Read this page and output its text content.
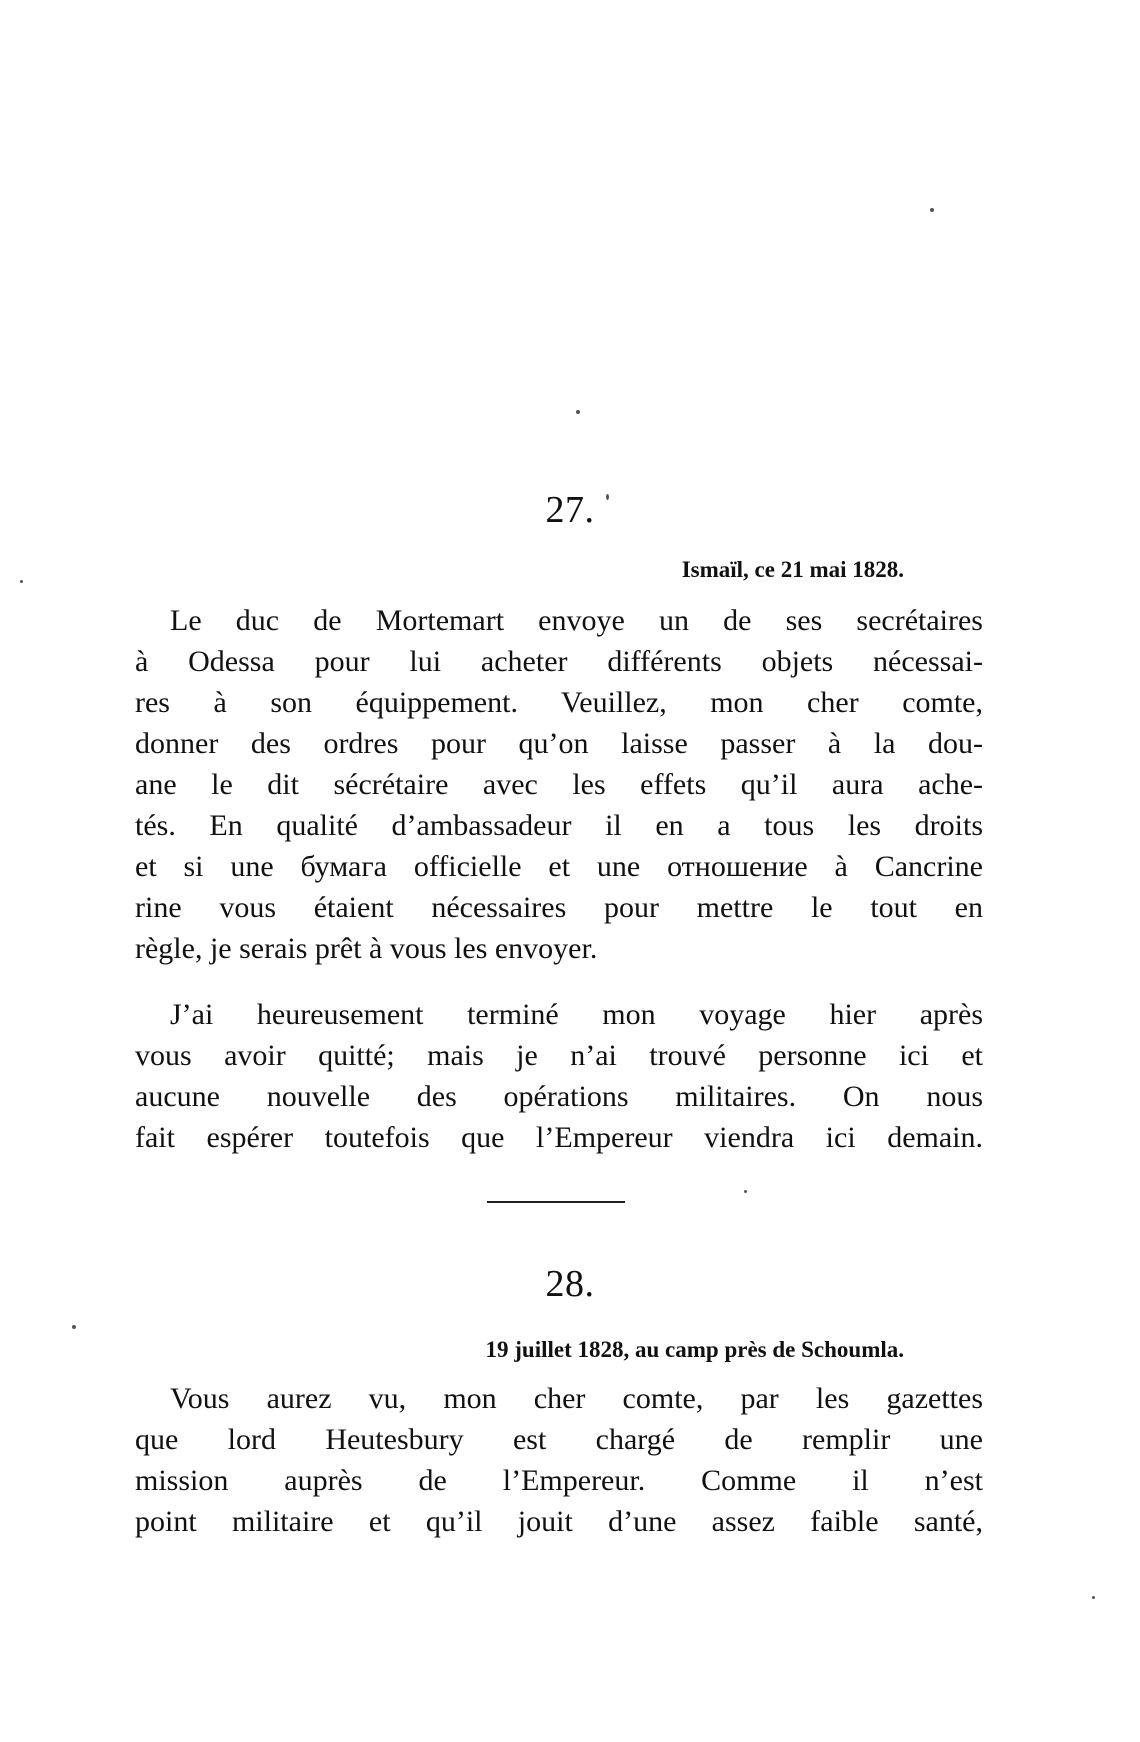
27.

Ismaïl, ce 21 mai 1828.

Le duc de Mortemart envoye un de ses secrétaires

à Odessa pour lui acheter différents objets nécessai-

res à son équippement. Veuillez, mon cher comte,

donner des ordres pour qu’on laisse passer à la dou-

ane le dit sécrétaire avec les effets qu’il aura ache-

tés. En qualité d’ambassadeur il en a tous les droits

et si une бумага officielle et une отношение à Cancrine

rine vous étaient nécessaires pour mettre le tout en

règle, je serais prêt à vous les envoyer.

J’ai heureusement terminé mon voyage hier après

vous avoir quitté; mais je n’ai trouvé personne ici et

aucune nouvelle des opérations militaires. On nous

fait espérer toutefois que l’Empereur viendra ici demain.

28.

19 juillet 1828, au camp près de Schoumla.

Vous aurez vu, mon cher comte, par les gazettes

que lord Heutesbury est chargé de remplir une

mission auprès de l’Empereur. Comme il n’est

point militaire et qu’il jouit d’une assez faible santé,
